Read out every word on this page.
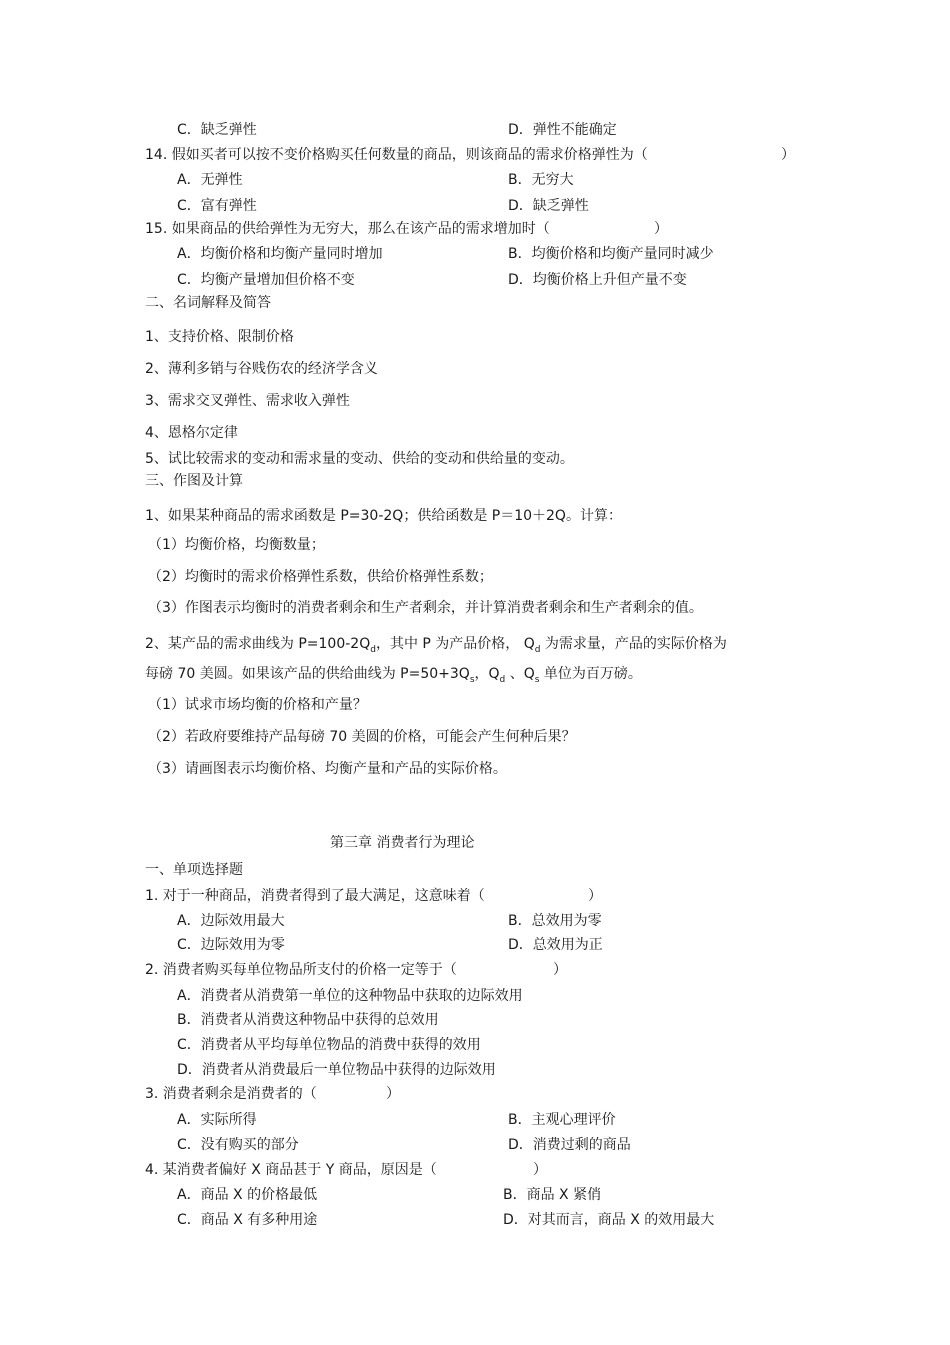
C．缺乏弹性	D．弹性不能确定
14. 假如买者可以按不变价格购买任何数量的商品，则该商品的需求价格弹性为（	）
A．无弹性	B．无穷大
C．富有弹性	D．缺乏弹性
15. 如果商品的供给弹性为无穷大，那么在该产品的需求增加时（	）
A．均衡价格和均衡产量同时增加	B．均衡价格和均衡产量同时减少
C．均衡产量增加但价格不变	D．均衡价格上升但产量不变
二、名词解释及简答
1、支持价格、限制价格
2、薄利多销与谷贱伤农的经济学含义
3、需求交叉弹性、需求收入弹性
4、恩格尔定律
5、试比较需求的变动和需求量的变动、供给的变动和供给量的变动。
三、作图及计算
1、如果某种商品的需求函数是 P=30-2Q；供给函数是 P＝10＋2Q。计算：
（1）均衡价格，均衡数量；
（2）均衡时的需求价格弹性系数，供给价格弹性系数；
（3）作图表示均衡时的消费者剩余和生产者剩余，并计算消费者剩余和生产者剩余的值。
2、某产品的需求曲线为 $P=100-2Q_d$，其中 P 为产品价格， $Q_d$ 为需求量，产品的实际价格为
每磅 70 美圆。如果该产品的供给曲线为 $P=50+3Q_s$，$Q_d$ 、$Q_s$ 单位为百万磅。
（1）试求市场均衡的价格和产量？
（2）若政府要维持产品每磅 70 美圆的价格，可能会产生何种后果？
（3）请画图表示均衡价格、均衡产量和产品的实际价格。
第三章 消费者行为理论
一、单项选择题
1. 对于一种商品，消费者得到了最大满足，这意味着（	）
A．边际效用最大	B．总效用为零
C．边际效用为零	D．总效用为正
2. 消费者购买每单位物品所支付的价格一定等于（	）
A．消费者从消费第一单位的这种物品中获取的边际效用
B．消费者从消费这种物品中获得的总效用
C．消费者从平均每单位物品的消费中获得的效用
D．消费者从消费最后一单位物品中获得的边际效用
3. 消费者剩余是消费者的（	）
A．实际所得	B．主观心理评价
C．没有购买的部分	D．消费过剩的商品
4. 某消费者偏好 X 商品甚于 Y 商品，原因是（	）
A．商品 X 的价格最低	B．商品 X 紧俏
C．商品 X 有多种用途	D．对其而言，商品 X 的效用最大
